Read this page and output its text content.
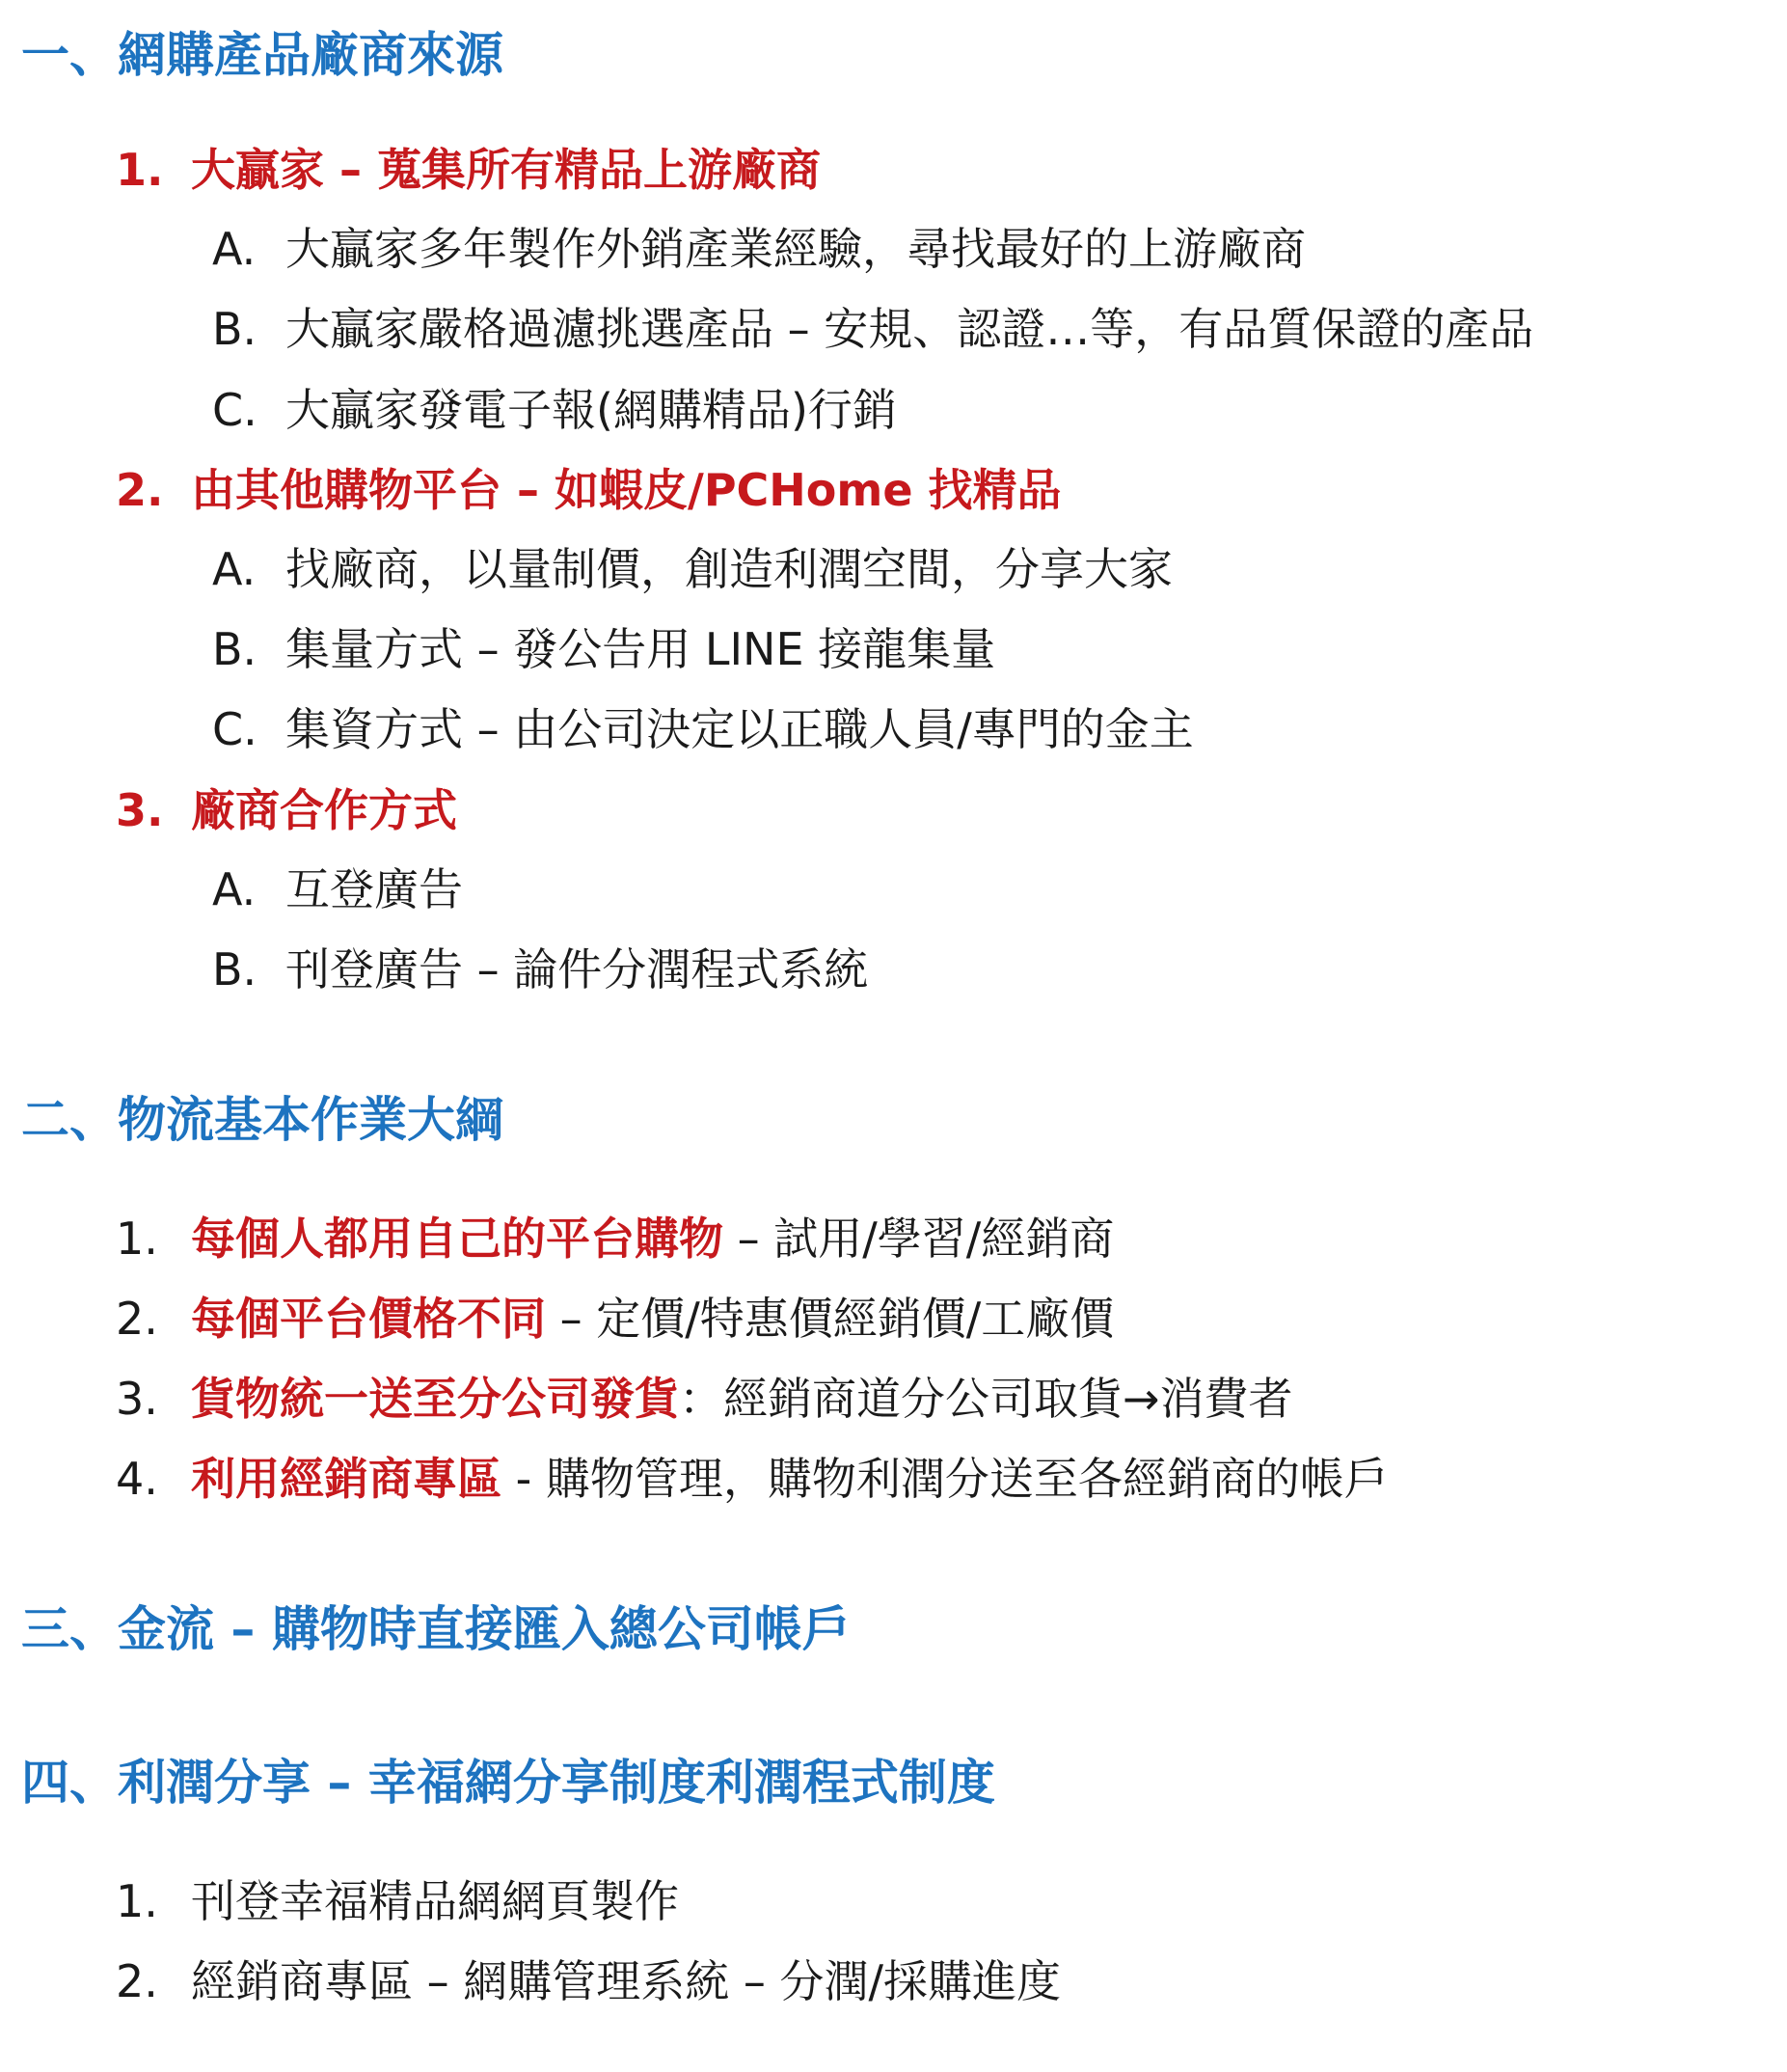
一、網購產品廠商來源
1. 大贏家 – 蒐集所有精品上游廠商
A. 大贏家多年製作外銷產業經驗，尋找最好的上游廠商
B. 大贏家嚴格過濾挑選產品 – 安規、認證…等，有品質保證的產品
C. 大贏家發電子報(網購精品)行銷
2. 由其他購物平台 – 如蝦皮/PCHome 找精品
A. 找廠商，以量制價，創造利潤空間，分享大家
B. 集量方式 – 發公告用 LINE 接龍集量
C. 集資方式 – 由公司決定以正職人員/專門的金主
3. 廠商合作方式
A. 互登廣告
B. 刊登廣告 – 論件分潤程式系統
二、物流基本作業大綱
1. 每個人都用自己的平台購物 – 試用/學習/經銷商
2. 每個平台價格不同 – 定價/特惠價經銷價/工廠價
3. 貨物統一送至分公司發貨：經銷商道分公司取貨→消費者
4. 利用經銷商專區 - 購物管理，購物利潤分送至各經銷商的帳戶
三、金流 – 購物時直接匯入總公司帳戶
四、利潤分享 – 幸福網分享制度利潤程式制度
1. 刊登幸福精品網網頁製作
2. 經銷商專區 – 網購管理系統 – 分潤/採購進度
